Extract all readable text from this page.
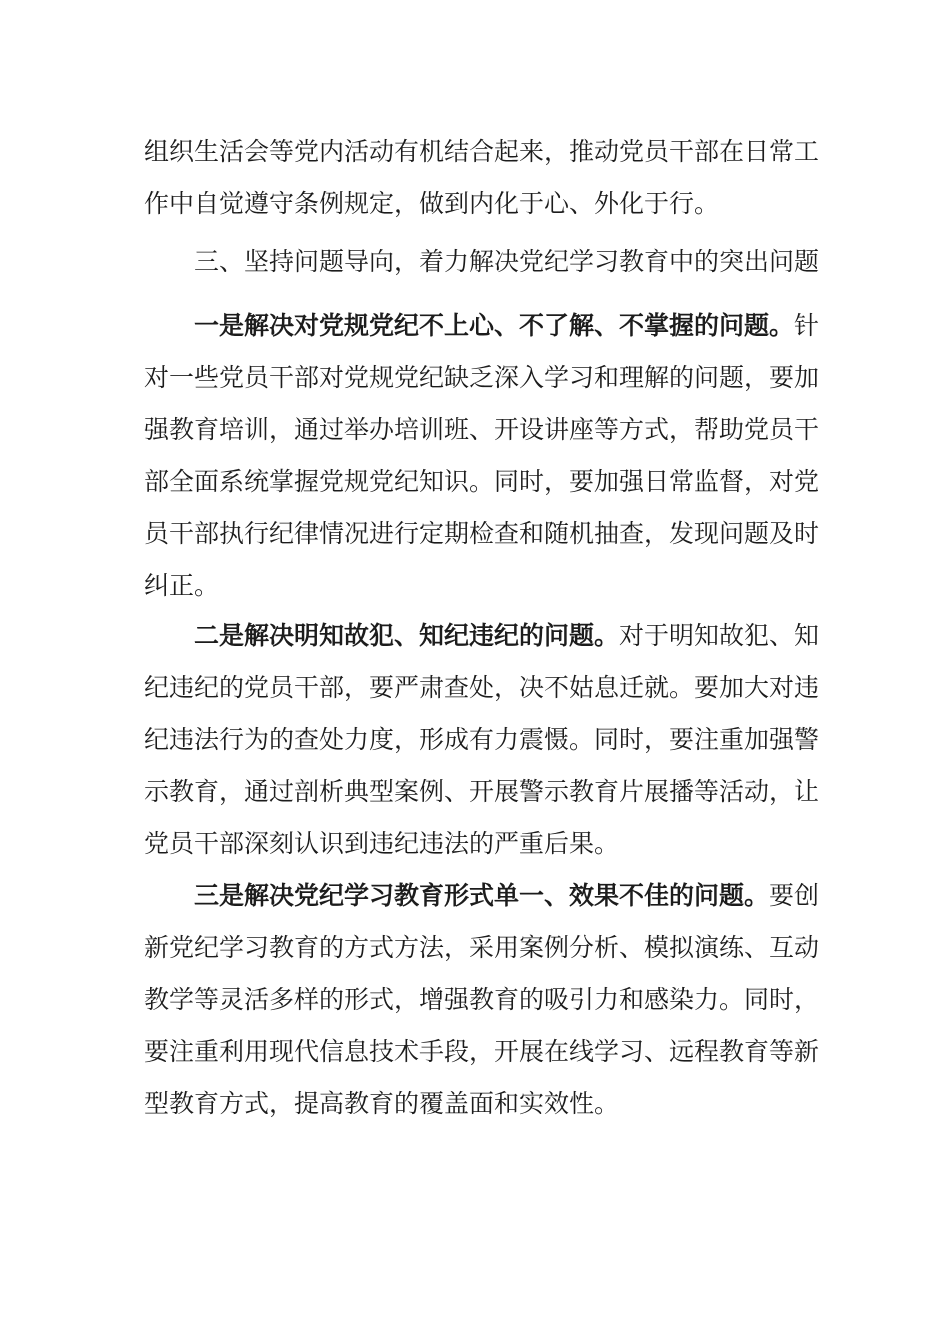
组织生活会等党内活动有机结合起来，推动党员干部在日常工
作中自觉遵守条例规定，做到内化于心、外化于行。
三、坚持问题导向，着力解决党纪学习教育中的突出问题
一是解决对党规党纪不上心、不了解、不掌握的问题。针
对一些党员干部对党规党纪缺乏深入学习和理解的问题，要加
强教育培训，通过举办培训班、开设讲座等方式，帮助党员干
部全面系统掌握党规党纪知识。同时，要加强日常监督，对党
员干部执行纪律情况进行定期检查和随机抽查，发现问题及时
纠正。
二是解决明知故犯、知纪违纪的问题。对于明知故犯、知
纪违纪的党员干部，要严肃查处，决不姑息迁就。要加大对违
纪违法行为的查处力度，形成有力震慑。同时，要注重加强警
示教育，通过剖析典型案例、开展警示教育片展播等活动，让
党员干部深刻认识到违纪违法的严重后果。
三是解决党纪学习教育形式单一、效果不佳的问题。要创
新党纪学习教育的方式方法，采用案例分析、模拟演练、互动
教学等灵活多样的形式，增强教育的吸引力和感染力。同时，
要注重利用现代信息技术手段，开展在线学习、远程教育等新
型教育方式，提高教育的覆盖面和实效性。
